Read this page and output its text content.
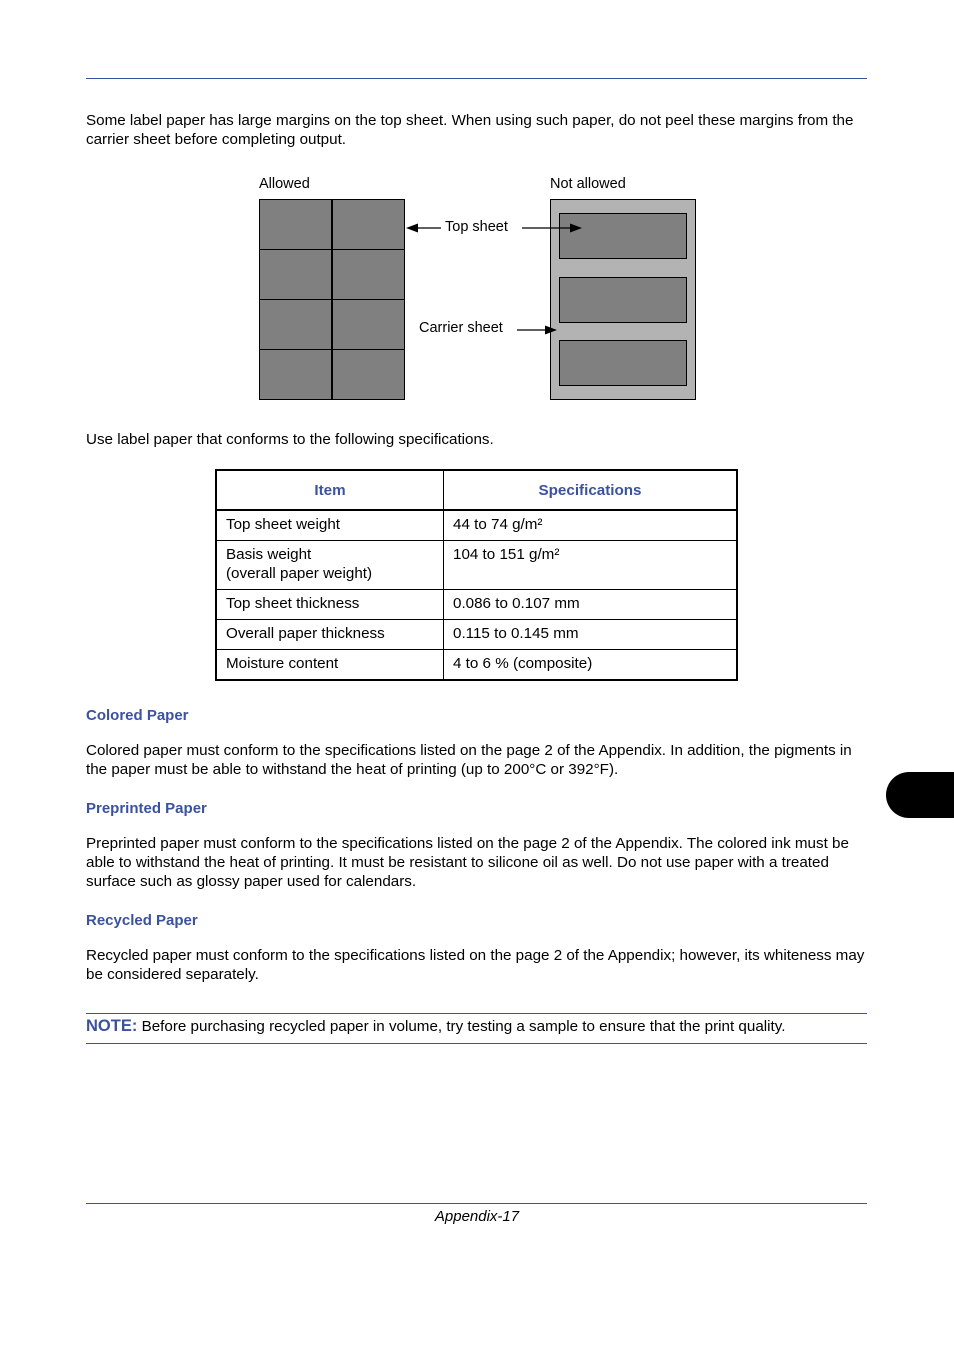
Some label paper has large margins on the top sheet. When using such paper, do not peel these margins from the carrier sheet before completing output.

Allowed	Not allowed
Top sheet
Carrier sheet

Use label paper that conforms to the following specifications.

Item	Specifications
Top sheet weight	44 to 74 g/m²
Basis weight
(overall paper weight)	104 to 151 g/m²
Top sheet thickness	0.086 to 0.107 mm
Overall paper thickness	0.115 to 0.145 mm
Moisture content	4 to 6 % (composite)
Colored Paper

Colored paper must conform to the specifications listed on the page 2 of the Appendix. In addition, the pigments in the paper must be able to withstand the heat of printing (up to 200°C or 392°F).

Preprinted Paper

Preprinted paper must conform to the specifications listed on the page 2 of the Appendix. The colored ink must be able to withstand the heat of printing. It must be resistant to silicone oil as well. Do not use paper with a treated surface such as glossy paper used for calendars.

Recycled Paper

Recycled paper must conform to the specifications listed on the page 2 of the Appendix; however, its whiteness may be considered separately.

NOTE: Before purchasing recycled paper in volume, try testing a sample to ensure that the print quality.
Appendix-17
